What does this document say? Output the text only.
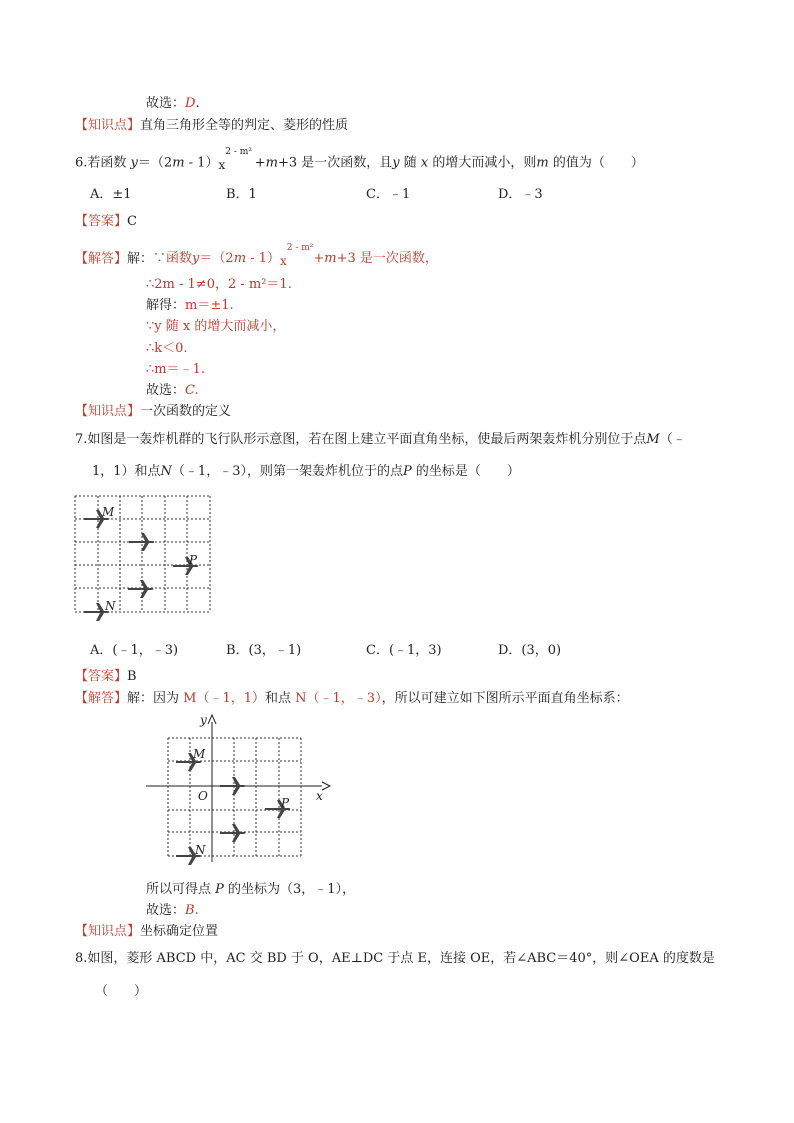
故选：D.
【知识点】直角三角形全等的判定、菱形的性质
6.若函数 $y=(2m - 1)x^{2 - m^2} +m+3$ 是一次函数，且y 随 x 的增大而减小，则m 的值为（　　）
A．±1	B．1	C．﹣1	D．﹣3
【答案】C
【解答】解：∵函数$y=(2m - 1)x^{2 - m^2}+m+3$ 是一次函数，
∴2m - 1≠0，2 - m²＝1.
解得：m＝±1.
∵y 随 x 的增大而减小，
∴k＜0.
∴m＝﹣1.
故选：C.
【知识点】一次函数的定义
7.如图是一轰炸机群的飞行队形示意图，若在图上建立平面直角坐标，使最后两架轰炸机分别位于点M（﹣
1，1）和点N（﹣1，﹣3），则第一架轰炸机位于的点P 的坐标是（　　）
M
P
N
A．(﹣1，﹣3)	B．(3，﹣1)	C．(﹣1，3)	D．(3，0)
【答案】B
【解答】解：因为 M（﹣1，1）和点 N（﹣1，﹣3），所以可建立如下图所示平面直角坐标系：
y
x
O
M
P
N
所以可得点 P 的坐标为（3，﹣1），
故选：B.
【知识点】坐标确定位置
8.如图，菱形 ABCD 中，AC 交 BD 于 O，AE⊥DC 于点 E，连接 OE，若∠ABC＝40°，则∠OEA 的度数是
（　　）
